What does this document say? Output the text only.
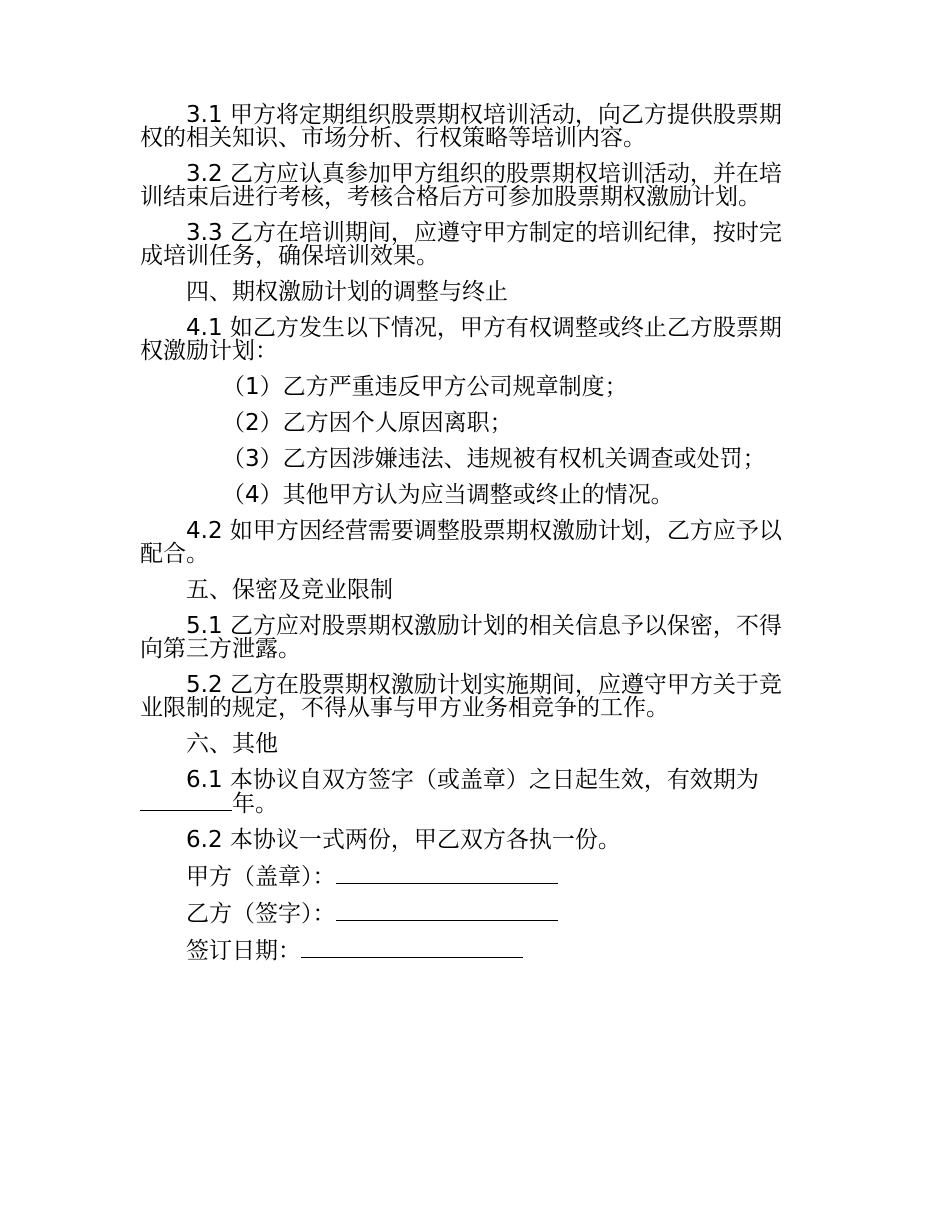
3.1 甲方将定期组织股票期权培训活动，向乙方提供股票期权的相关知识、市场分析、行权策略等培训内容。

3.2 乙方应认真参加甲方组织的股票期权培训活动，并在培训结束后进行考核，考核合格后方可参加股票期权激励计划。

3.3 乙方在培训期间，应遵守甲方制定的培训纪律，按时完成培训任务，确保培训效果。

四、期权激励计划的调整与终止

4.1 如乙方发生以下情况，甲方有权调整或终止乙方股票期权激励计划：

（1）乙方严重违反甲方公司规章制度；

（2）乙方因个人原因离职；

（3）乙方因涉嫌违法、违规被有权机关调查或处罚；

（4）其他甲方认为应当调整或终止的情况。

4.2 如甲方因经营需要调整股票期权激励计划，乙方应予以配合。

五、保密及竞业限制

5.1 乙方应对股票期权激励计划的相关信息予以保密，不得向第三方泄露。

5.2 乙方在股票期权激励计划实施期间，应遵守甲方关于竞业限制的规定，不得从事与甲方业务相竞争的工作。

六、其他

6.1 本协议自双方签字（或盖章）之日起生效，有效期为年。

6.2 本协议一式两份，甲乙双方各执一份。

甲方（盖章）：

乙方（签字）：

签订日期：
